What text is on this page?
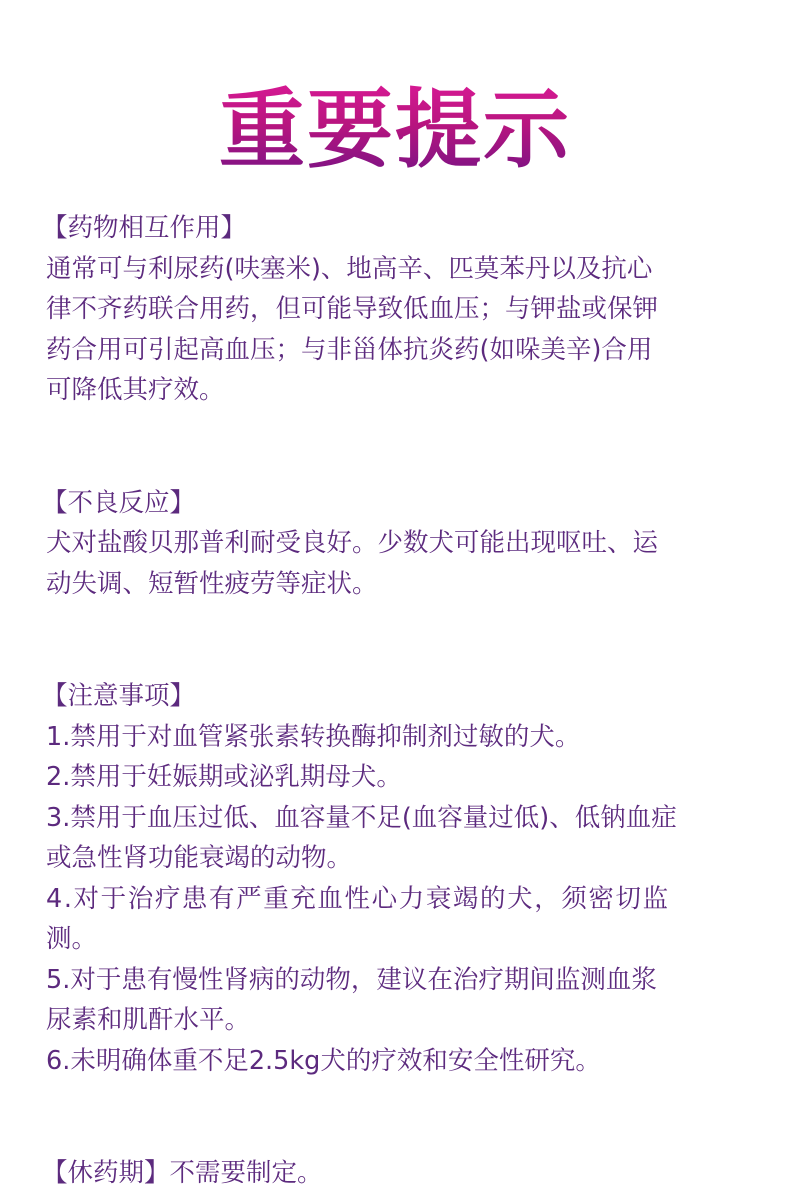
重要提示
【药物相互作用】
通常可与利尿药(呋塞米)、地高辛、匹莫苯丹以及抗心
律不齐药联合用药，但可能导致低血压；与钾盐或保钾
药合用可引起高血压；与非甾体抗炎药(如哚美辛)合用
可降低其疗效。
【不良反应】
犬对盐酸贝那普利耐受良好。少数犬可能出现呕吐、运
动失调、短暂性疲劳等症状。
【注意事项】
1.禁用于对血管紧张素转换酶抑制剂过敏的犬。
2.禁用于妊娠期或泌乳期母犬。
3.禁用于血压过低、血容量不足(血容量过低)、低钠血症
或急性肾功能衰竭的动物。
4.对于治疗患有严重充血性心力衰竭的犬，须密切监
测。
5.对于患有慢性肾病的动物，建议在治疗期间监测血浆
尿素和肌酐水平。
6.未明确体重不足2.5kg犬的疗效和安全性研究。
【休药期】不需要制定。
